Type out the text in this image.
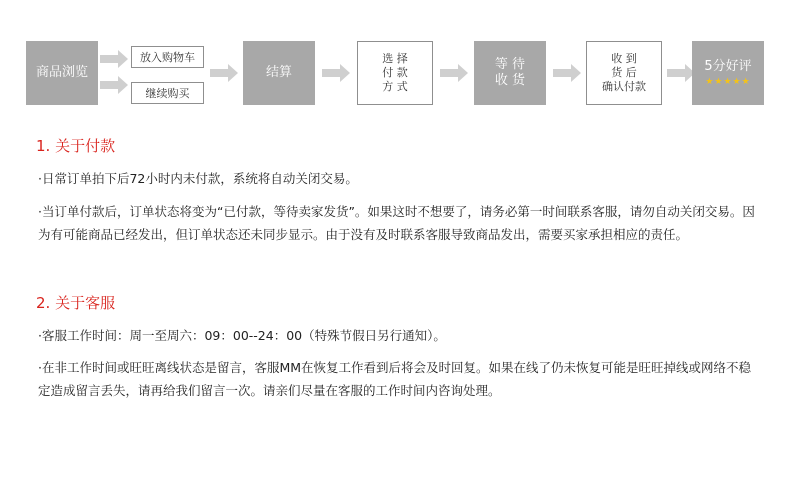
商品浏览
放入购物车
继续购买
结算
选 择
付 款
方 式
等 待
收 货
收 到
货 后
确认付款
5分好评
★★★★★
1. 关于付款
·日常订单拍下后72小时内未付款，系统将自动关闭交易。
·当订单付款后，订单状态将变为“已付款，等待卖家发货”。如果这时不想要了，请务必第一时间联系客服，请勿自动关闭交易。因为有可能商品已经发出，但订单状态还未同步显示。由于没有及时联系客服导致商品发出，需要买家承担相应的责任。
2. 关于客服
·客服工作时间：周一至周六：09：00--24：00（特殊节假日另行通知）。
·在非工作时间或旺旺离线状态是留言，客服MM在恢复工作看到后将会及时回复。如果在线了仍未恢复可能是旺旺掉线或网络不稳定造成留言丢失，请再给我们留言一次。请亲们尽量在客服的工作时间内咨询处理。
